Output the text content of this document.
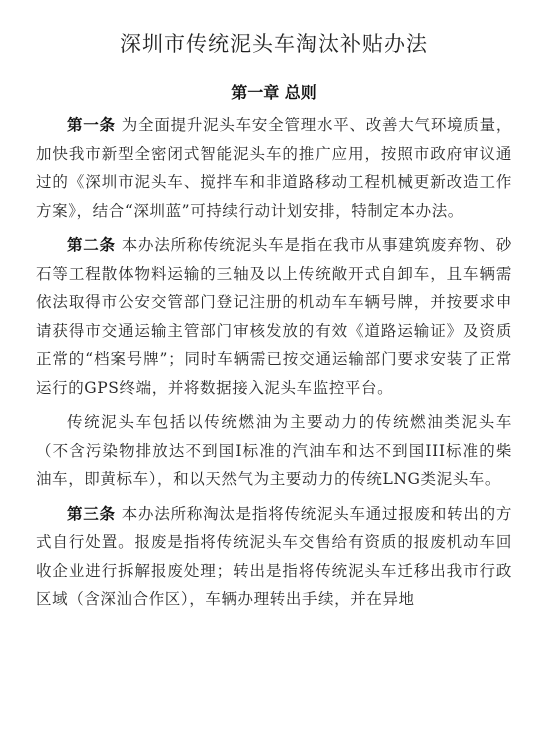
深圳市传统泥头车淘汰补贴办法
第一章 总则

第一条 为全面提升泥头车安全管理水平、改善大气环境质量，加快我市新型全密闭式智能泥头车的推广应用，按照市政府审议通过的《深圳市泥头车、搅拌车和非道路移动工程机械更新改造工作方案》，结合“深圳蓝”可持续行动计划安排，特制定本办法。

第二条 本办法所称传统泥头车是指在我市从事建筑废弃物、砂石等工程散体物料运输的三轴及以上传统敞开式自卸车，且车辆需依法取得市公安交管部门登记注册的机动车车辆号牌，并按要求申请获得市交通运输主管部门审核发放的有效《道路运输证》及资质正常的“档案号牌”；同时车辆需已按交通运输部门要求安装了正常运行的GPS终端，并将数据接入泥头车监控平台。

传统泥头车包括以传统燃油为主要动力的传统燃油类泥头车（不含污染物排放达不到国Ⅰ标准的汽油车和达不到国III标准的柴油车，即黄标车），和以天然气为主要动力的传统LNG类泥头车。

第三条 本办法所称淘汰是指将传统泥头车通过报废和转出的方式自行处置。报废是指将传统泥头车交售给有资质的报废机动车回收企业进行拆解报废处理；转出是指将传统泥头车迁移出我市行政区域（含深汕合作区），车辆办理转出手续，并在异地
